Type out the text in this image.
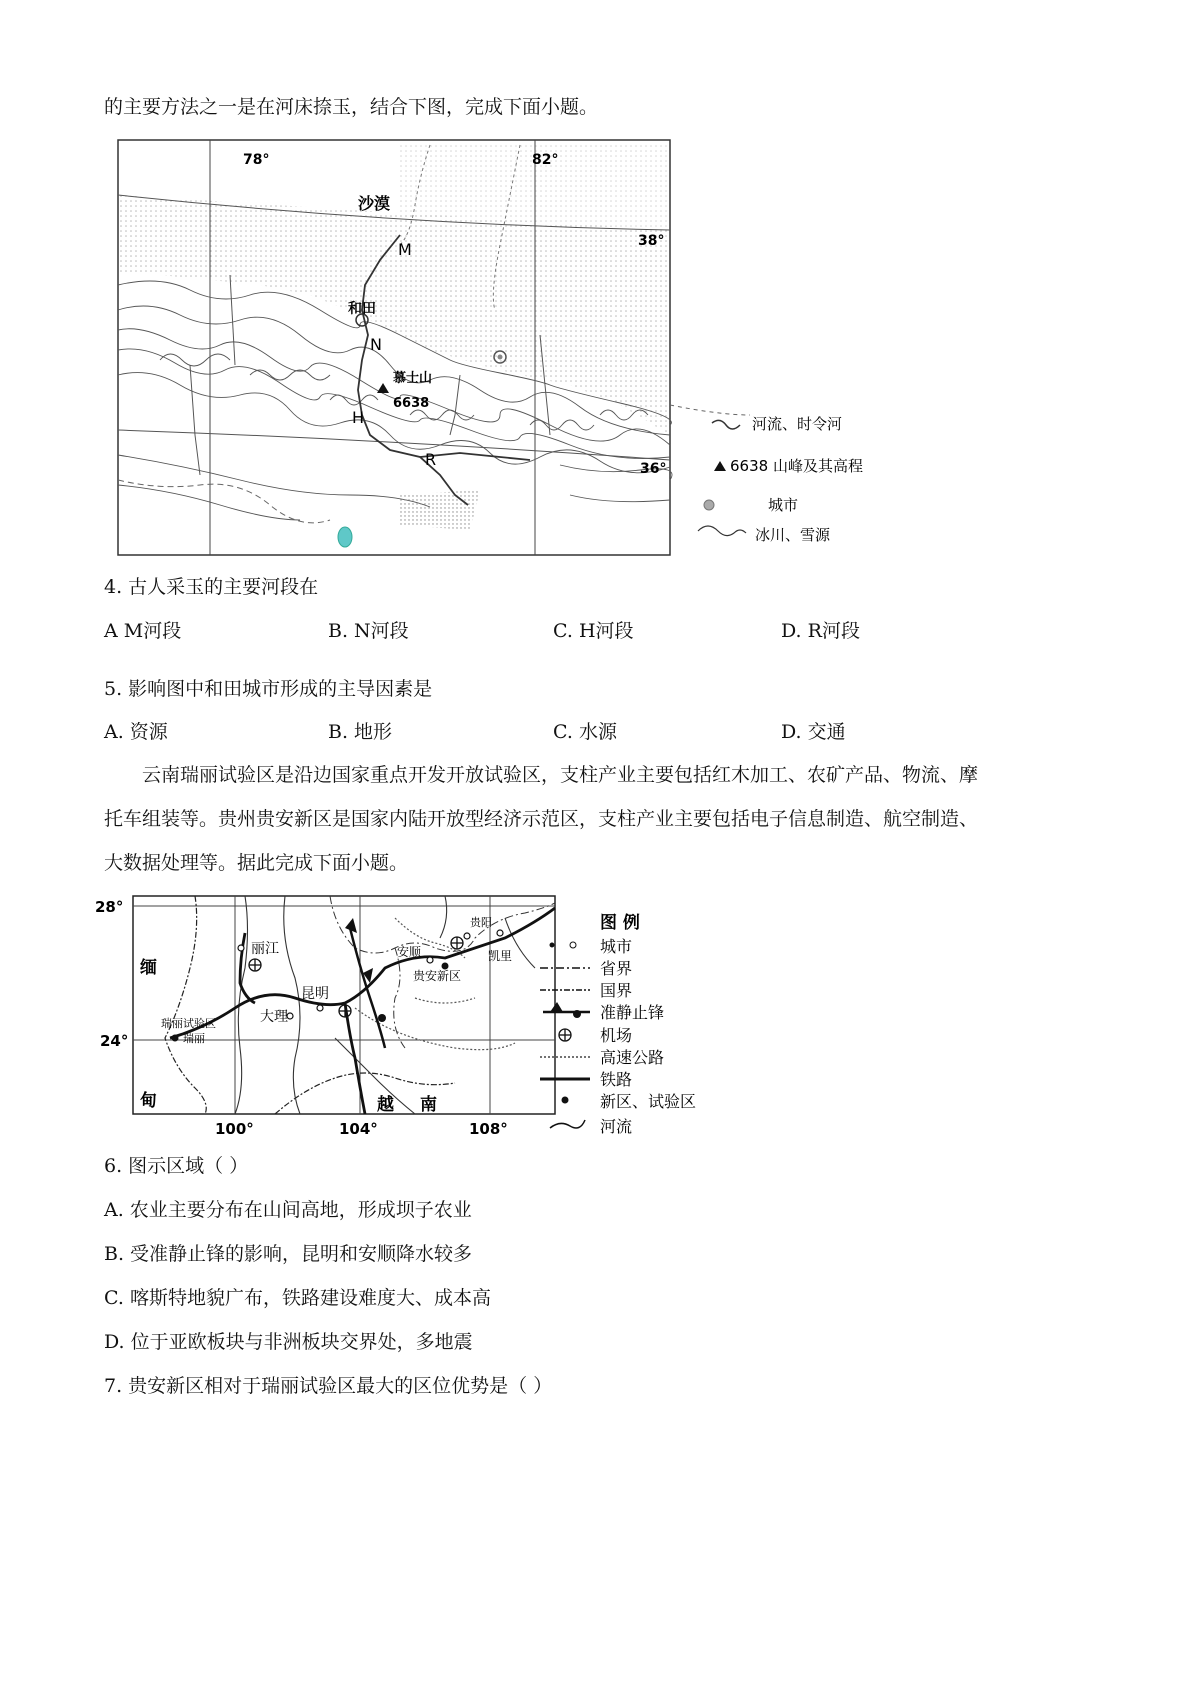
的主要方法之一是在河床捺玉，结合下图，完成下面小题。
78°	82°
38°
36°
沙漠
和田
慕士山
6638
M
N
H
R
河流、时令河
6638 山峰及其高程
城市
冰川、雪源
4. 古人采玉的主要河段在
A M河段	B. N河段	C. H河段	D. R河段
5. 影响图中和田城市形成的主导因素是
A. 资源	B. 地形	C. 水源	D. 交通
云南瑞丽试验区是沿边国家重点开发开放试验区，支柱产业主要包括红木加工、农矿产品、物流、摩
托车组装等。贵州贵安新区是国家内陆开放型经济示范区，支柱产业主要包括电子信息制造、航空制造、
大数据处理等。据此完成下面小题。
28°
24°
100°	104°	108°
缅
甸	越 南
丽江
昆明
大理
瑞丽试验区
瑞丽
贵阳
安顺
贵安新区
凯里
图 例
城市
省界
国界
准静止锋
机场
高速公路
铁路
新区、试验区
河流
6. 图示区域（ ）
A. 农业主要分布在山间高地，形成坝子农业
B. 受准静止锋的影响，昆明和安顺降水较多
C. 喀斯特地貌广布，铁路建设难度大、成本高
D. 位于亚欧板块与非洲板块交界处，多地震
7. 贵安新区相对于瑞丽试验区最大的区位优势是（ ）
